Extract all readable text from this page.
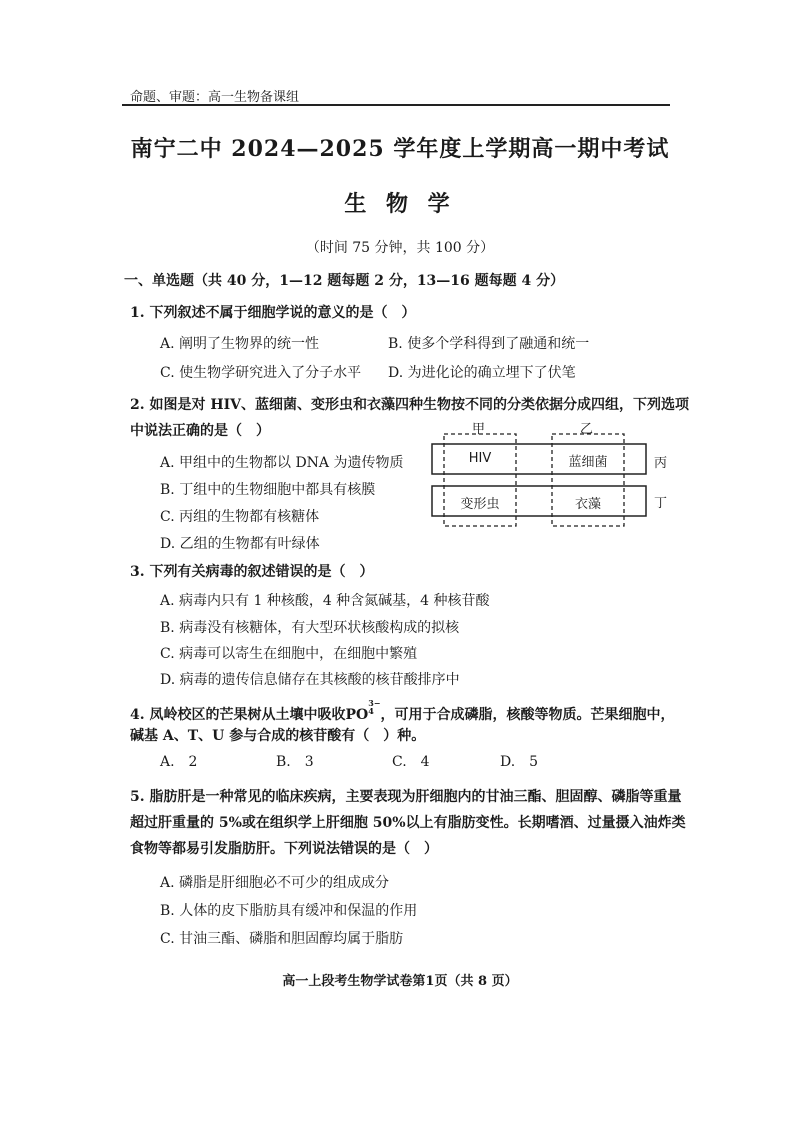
命题、审题：高一生物备课组
南宁二中 2024—2025 学年度上学期高一期中考试
生 物 学
（时间 75 分钟，共 100 分）
一、单选题（共 40 分，1—12 题每题 2 分，13—16 题每题 4 分）
1. 下列叙述不属于细胞学说的意义的是（　）
A. 阐明了生物界的统一性	B. 使多个学科得到了融通和统一
C. 使生物学研究进入了分子水平 D. 为进化论的确立埋下了伏笔
2. 如图是对 HIV、蓝细菌、变形虫和衣藻四种生物按不同的分类依据分成四组，下列选项
中说法正确的是（　）
A. 甲组中的生物都以 DNA 为遗传物质
B. 丁组中的生物细胞中都具有核膜
C. 丙组的生物都有核糖体
D. 乙组的生物都有叶绿体
甲	乙
丙
丁
HIV	蓝细菌
变形虫	衣藻
3. 下列有关病毒的叙述错误的是（　）
A. 病毒内只有 1 种核酸，4 种含氮碱基，4 种核苷酸
B. 病毒没有核糖体，有大型环状核酸构成的拟核
C. 病毒可以寄生在细胞中，在细胞中繁殖
D. 病毒的遗传信息储存在其核酸的核苷酸排序中
4. 凤岭校区的芒果树从土壤中吸收PO3−
4 ，可用于合成磷脂，核酸等物质。芒果细胞中，
碱基 A、T、U 参与合成的核苷酸有（　）种。
A.　2	B.　3	C.　4	D.　5
5. 脂肪肝是一种常见的临床疾病，主要表现为肝细胞内的甘油三酯、胆固醇、磷脂等重量
超过肝重量的 5%或在组织学上肝细胞 50%以上有脂肪变性。长期嗜酒、过量摄入油炸类
食物等都易引发脂肪肝。下列说法错误的是（　）
A. 磷脂是肝细胞必不可少的组成成分
B. 人体的皮下脂肪具有缓冲和保温的作用
C. 甘油三酯、磷脂和胆固醇均属于脂肪
高一上段考生物学试卷第1页（共 8 页）
